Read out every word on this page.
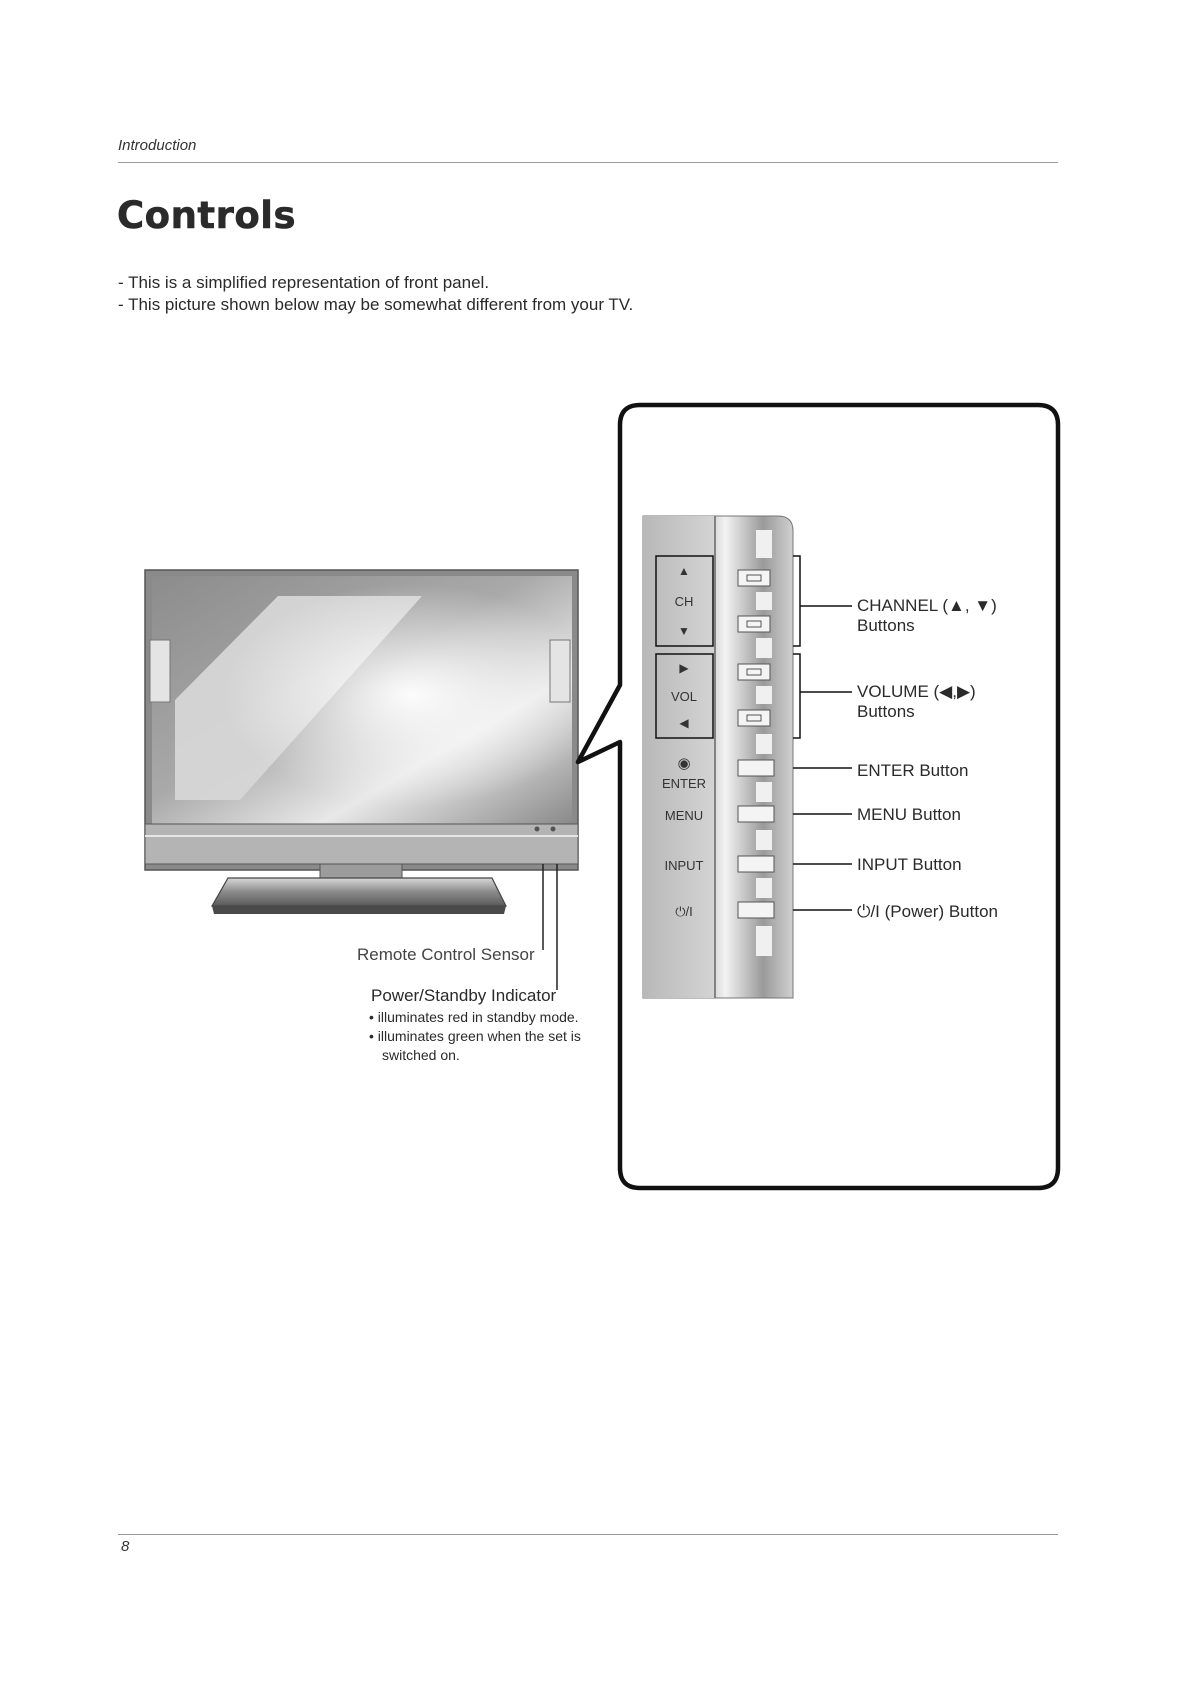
Introduction
Controls
- This is a simplified representation of front panel.
- This picture shown below may be somewhat different from your TV.
▲
CH
▼
▶
VOL
◀
◉
ENTER
MENU
INPUT
⏻/I
CHANNEL (▲, ▼)
Buttons
VOLUME (◀,▶)
Buttons
ENTER Button
MENU Button
INPUT Button
⏻/I (Power) Button
Remote Control Sensor
Power/Standby Indicator
• illuminates red in standby mode.
• illuminates green when the set is switched on.
8
